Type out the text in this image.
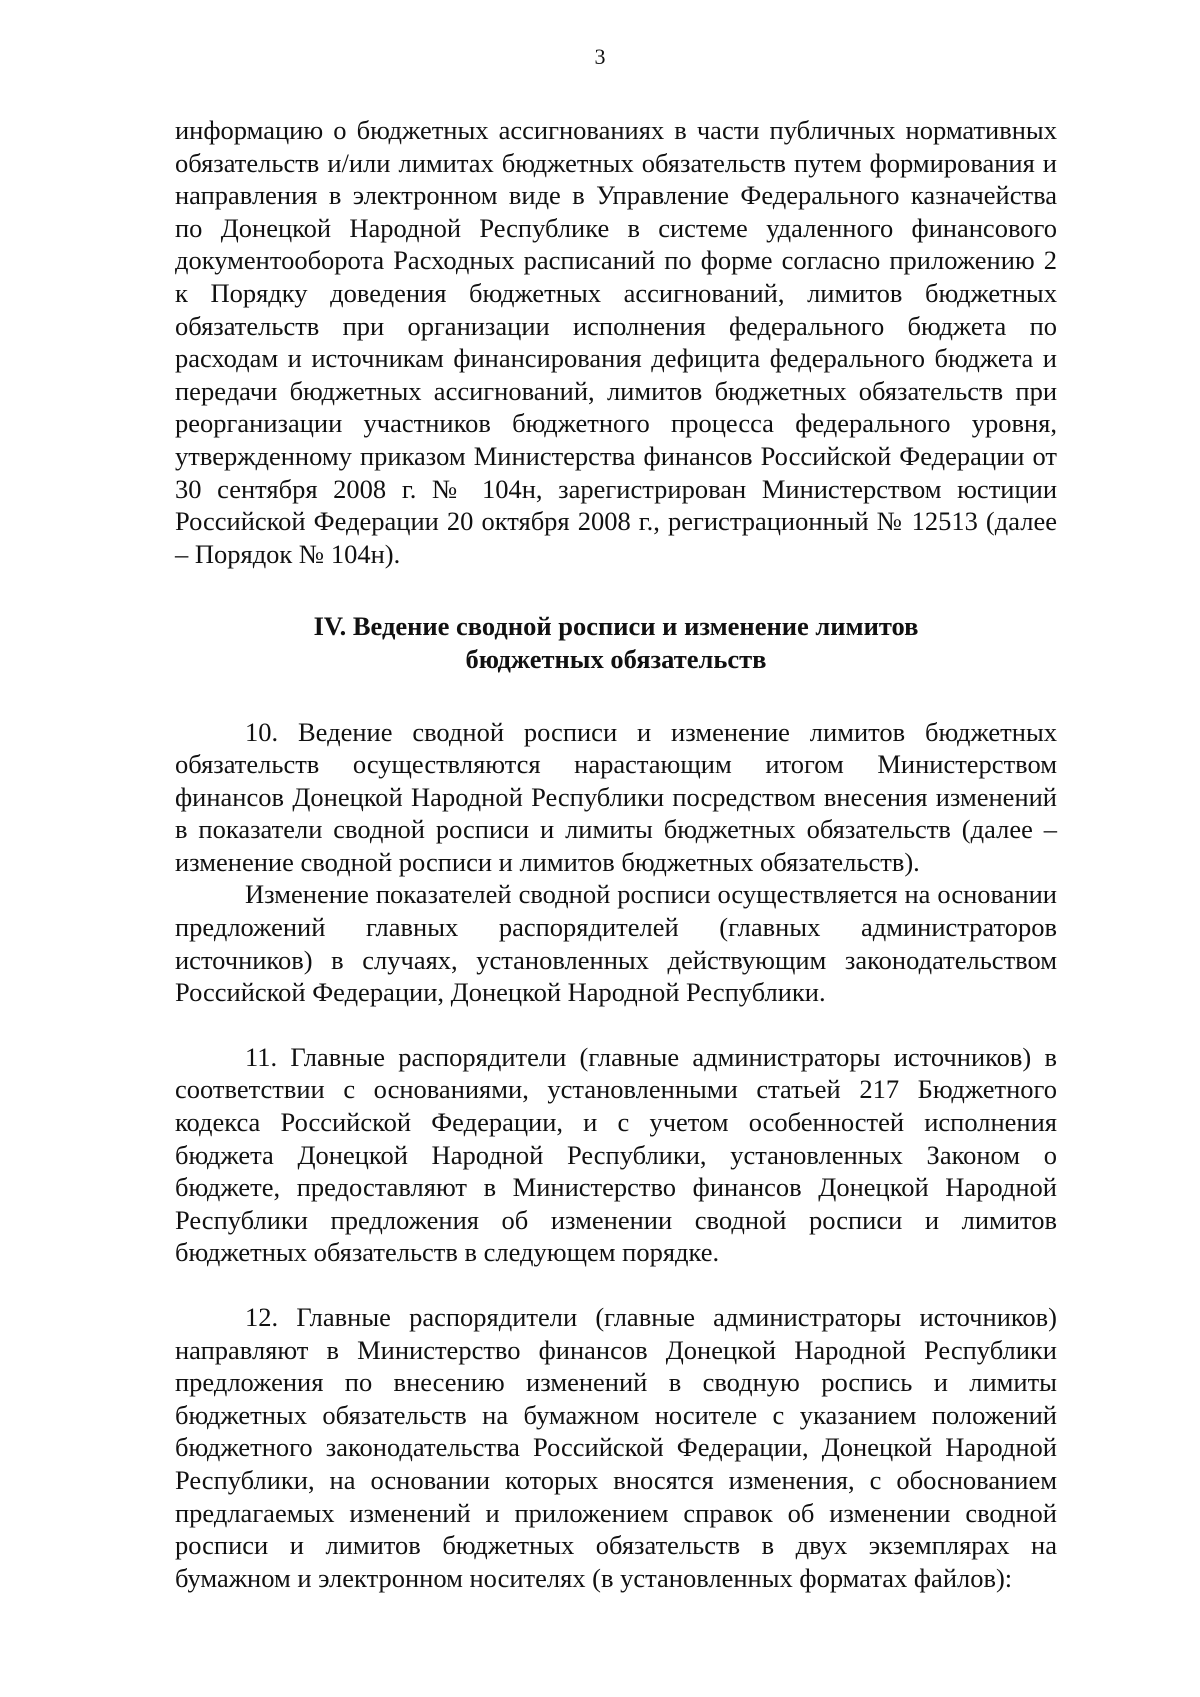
3

информацию о бюджетных ассигнованиях в части публичных нормативных обязательств и/или лимитах бюджетных обязательств путем формирования и направления в электронном виде в Управление Федерального казначейства по Донецкой Народной Республике в системе удаленного финансового документооборота Расходных расписаний по форме согласно приложению 2 к Порядку доведения бюджетных ассигнований, лимитов бюджетных обязательств при организации исполнения федерального бюджета по расходам и источникам финансирования дефицита федерального бюджета и передачи бюджетных ассигнований, лимитов бюджетных обязательств при реорганизации участников бюджетного процесса федерального уровня, утвержденному приказом Министерства финансов Российской Федерации от 30 сентября 2008 г. № 104н, зарегистрирован Министерством юстиции Российской Федерации 20 октября 2008 г., регистрационный № 12513 (далее – Порядок № 104н).

IV. Ведение сводной росписи и изменение лимитов
бюджетных обязательств

10. Ведение сводной росписи и изменение лимитов бюджетных обязательств осуществляются нарастающим итогом Министерством финансов Донецкой Народной Республики посредством внесения изменений в показатели сводной росписи и лимиты бюджетных обязательств (далее – изменение сводной росписи и лимитов бюджетных обязательств).

Изменение показателей сводной росписи осуществляется на основании предложений главных распорядителей (главных администраторов источников) в случаях, установленных действующим законодательством Российской Федерации, Донецкой Народной Республики.

11. Главные распорядители (главные администраторы источников) в соответствии с основаниями, установленными статьей 217 Бюджетного кодекса Российской Федерации, и с учетом особенностей исполнения бюджета Донецкой Народной Республики, установленных Законом о бюджете, предоставляют в Министерство финансов Донецкой Народной Республики предложения об изменении сводной росписи и лимитов бюджетных обязательств в следующем порядке.

12. Главные распорядители (главные администраторы источников) направляют в Министерство финансов Донецкой Народной Республики предложения по внесению изменений в сводную роспись и лимиты бюджетных обязательств на бумажном носителе с указанием положений бюджетного законодательства Российской Федерации, Донецкой Народной Республики, на основании которых вносятся изменения, с обоснованием предлагаемых изменений и приложением справок об изменении сводной росписи и лимитов бюджетных обязательств в двух экземплярах на бумажном и электронном носителях (в установленных форматах файлов):
